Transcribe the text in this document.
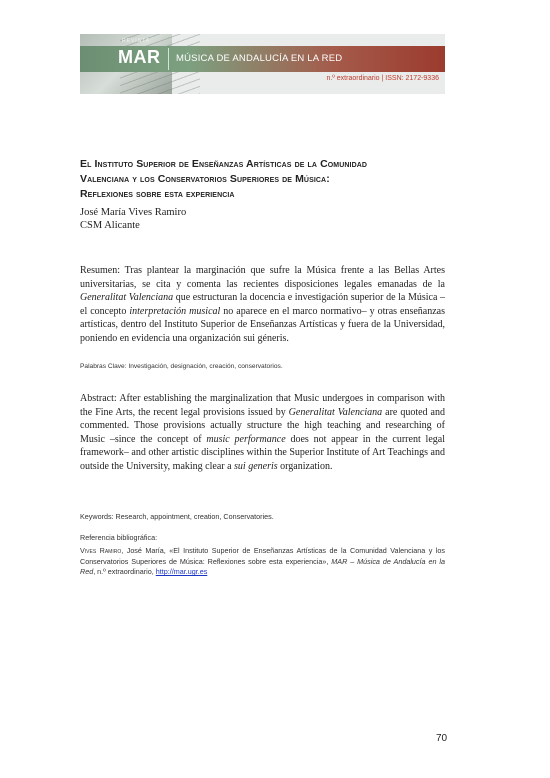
REVISTA
MAR MÚSICA DE ANDALUCÍA EN LA RED
n.º extraordinario | ISSN: 2172-9336
El Instituto Superior de Enseñanzas Artísticas de la Comunidad
Valenciana y los Conservatorios Superiores de Música:
Reflexiones sobre esta experiencia
José María Vives Ramiro
CSM Alicante
Resumen: Tras plantear la marginación que sufre la Música frente a las Bellas Artes universitarias, se cita y comenta las recientes disposiciones legales emanadas de la Generalitat Valenciana que estructuran la docencia e investigación superior de la Música –el concepto interpretación musical no aparece en el marco normativo– y otras enseñanzas artísticas, dentro del Instituto Superior de Enseñanzas Artísticas y fuera de la Universidad, poniendo en evidencia una organización sui géneris.
Palabras Clave: Investigación, designación, creación, conservatorios.
Abstract: After establishing the marginalization that Music undergoes in comparison with the Fine Arts, the recent legal provisions issued by Generalitat Valenciana are quoted and commented. Those provisions actually structure the high teaching and researching of Music –since the concept of music performance does not appear in the current legal framework– and other artistic disciplines within the Superior Institute of Art Teachings and outside the University, making clear a sui generis organization.
Keywords: Research, appointment, creation, Conservatories.
Referencia bibliográfica:
Vives Ramiro, José María, «El Instituto Superior de Enseñanzas Artísticas de la Comunidad Valenciana y los Conservatorios Superiores de Música: Reflexiones sobre esta experiencia», MAR – Música de Andalucía en la Red, n.º extraordinario, http://mar.ugr.es
70
